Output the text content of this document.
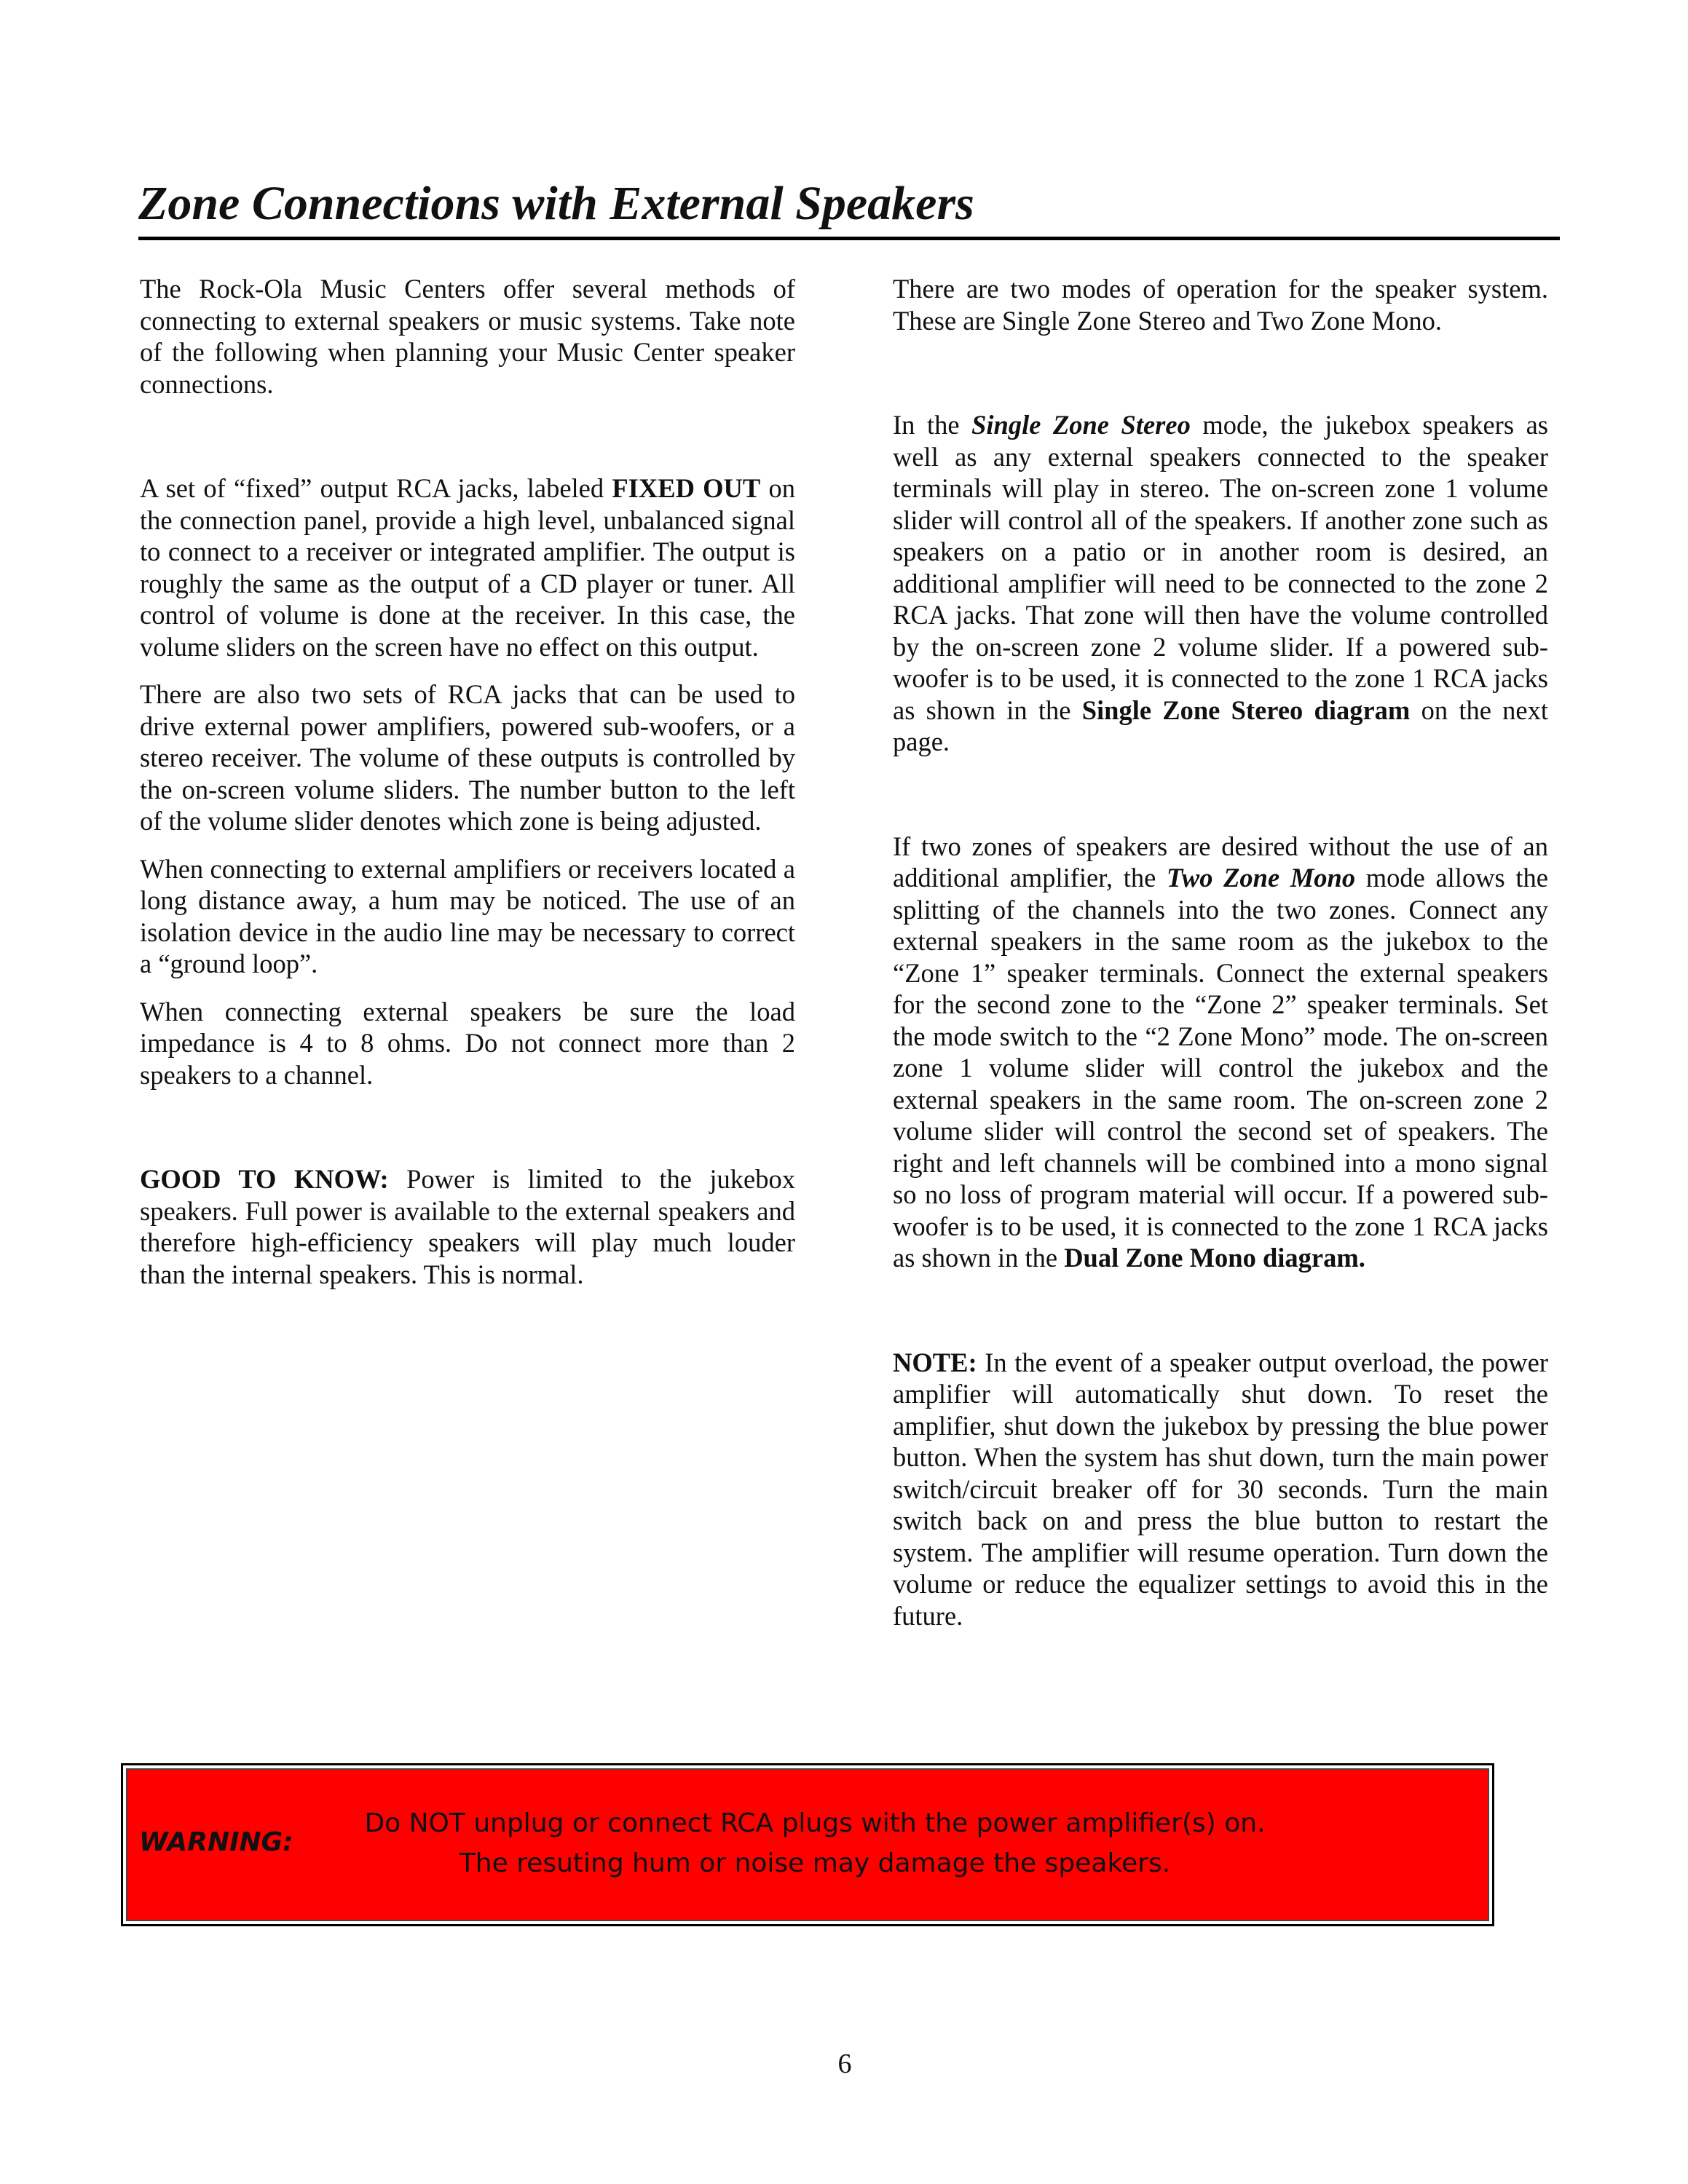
Zone Connections with External Speakers

The Rock-Ola Music Centers offer several methods of connecting to external speakers or music systems. Take note of the following when planning your Music Center speaker connections.

A set of “fixed” output RCA jacks, labeled FIXED OUT on the connection panel, provide a high level, unbalanced signal to connect to a receiver or integrated amplifier. The output is roughly the same as the output of a CD player or tuner. All control of volume is done at the receiver. In this case, the volume sliders on the screen have no effect on this output.

There are also two sets of RCA jacks that can be used to drive external power amplifiers, powered sub-woofers, or a stereo receiver. The volume of these outputs is controlled by the on-screen volume sliders. The number button to the left of the volume slider denotes which zone is being adjusted.

When connecting to external amplifiers or receivers located a long distance away, a hum may be noticed. The use of an isolation device in the audio line may be necessary to correct a “ground loop”.

When connecting external speakers be sure the load impedance is 4 to 8 ohms. Do not connect more than 2 speakers to a channel.

GOOD TO KNOW: Power is limited to the jukebox speakers. Full power is available to the external speakers and therefore high-efficiency speakers will play much louder than the internal speakers. This is normal.

There are two modes of operation for the speaker system. These are Single Zone Stereo and Two Zone Mono.

In the Single Zone Stereo mode, the jukebox speakers as well as any external speakers connected to the speaker terminals will play in stereo. The on-screen zone 1 volume slider will control all of the speakers. If another zone such as speakers on a patio or in another room is desired, an additional amplifier will need to be connected to the zone 2 RCA jacks. That zone will then have the volume controlled by the on-screen zone 2 volume slider. If a powered sub-woofer is to be used, it is connected to the zone 1 RCA jacks as shown in the Single Zone Stereo diagram on the next page.

If two zones of speakers are desired without the use of an additional amplifier, the Two Zone Mono mode allows the splitting of the channels into the two zones. Connect any external speakers in the same room as the jukebox to the “Zone 1” speaker terminals. Connect the external speakers for the second zone to the “Zone 2” speaker terminals. Set the mode switch to the “2 Zone Mono” mode. The on-screen zone 1 volume slider will control the jukebox and the external speakers in the same room. The on-screen zone 2 volume slider will control the second set of speakers. The right and left channels will be combined into a mono signal so no loss of program material will occur. If a powered sub-woofer is to be used, it is connected to the zone 1 RCA jacks as shown in the Dual Zone Mono diagram.

NOTE: In the event of a speaker output overload, the power amplifier will automatically shut down. To reset the amplifier, shut down the jukebox by pressing the blue power button. When the system has shut down, turn the main power switch/circuit breaker off for 30 seconds. Turn the main switch back on and press the blue button to restart the system. The amplifier will resume operation. Turn down the volume or reduce the equalizer settings to avoid this in the future.

WARNING:
Do NOT unplug or connect RCA plugs with the power amplifier(s) on.
The resuting hum or noise may damage the speakers.
6
